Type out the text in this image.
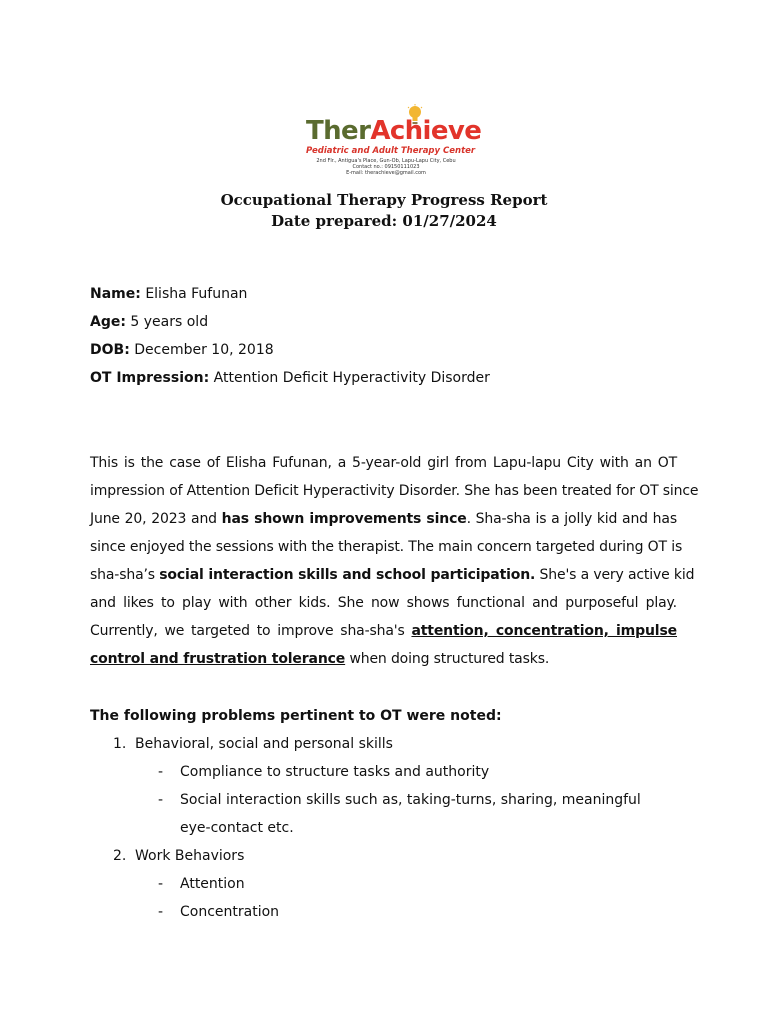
TherAchieve
Pediatric and Adult Therapy Center
2nd Flr., Antigua's Place, Gun-Ob, Lapu-Lapu City, Cebu
Contact no.: 09150111023
E-mail: therachieve@gmail.com
Occupational Therapy Progress Report
Date prepared: 01/27/2024
Name: Elisha Fufunan
Age: 5 years old
DOB: December 10, 2018
OT Impression: Attention Deficit Hyperactivity Disorder
This is the case of Elisha Fufunan, a 5-year-old girl from Lapu-lapu City with an OT
impression of Attention Deficit Hyperactivity Disorder. She has been treated for OT since
June 20, 2023 and has shown improvements since. Sha-sha is a jolly kid and has
since enjoyed the sessions with the therapist. The main concern targeted during OT is
sha-sha’s social interaction skills and school participation. She's a very active kid
and likes to play with other kids. She now shows functional and purposeful play.
Currently, we targeted to improve sha-sha's attention, concentration, impulse
control and frustration tolerance when doing structured tasks.
The following problems pertinent to OT were noted:
1. Behavioral, social and personal skills
- Compliance to structure tasks and authority
- Social interaction skills such as, taking-turns, sharing, meaningful
eye-contact etc.
2. Work Behaviors
- Attention
- Concentration
